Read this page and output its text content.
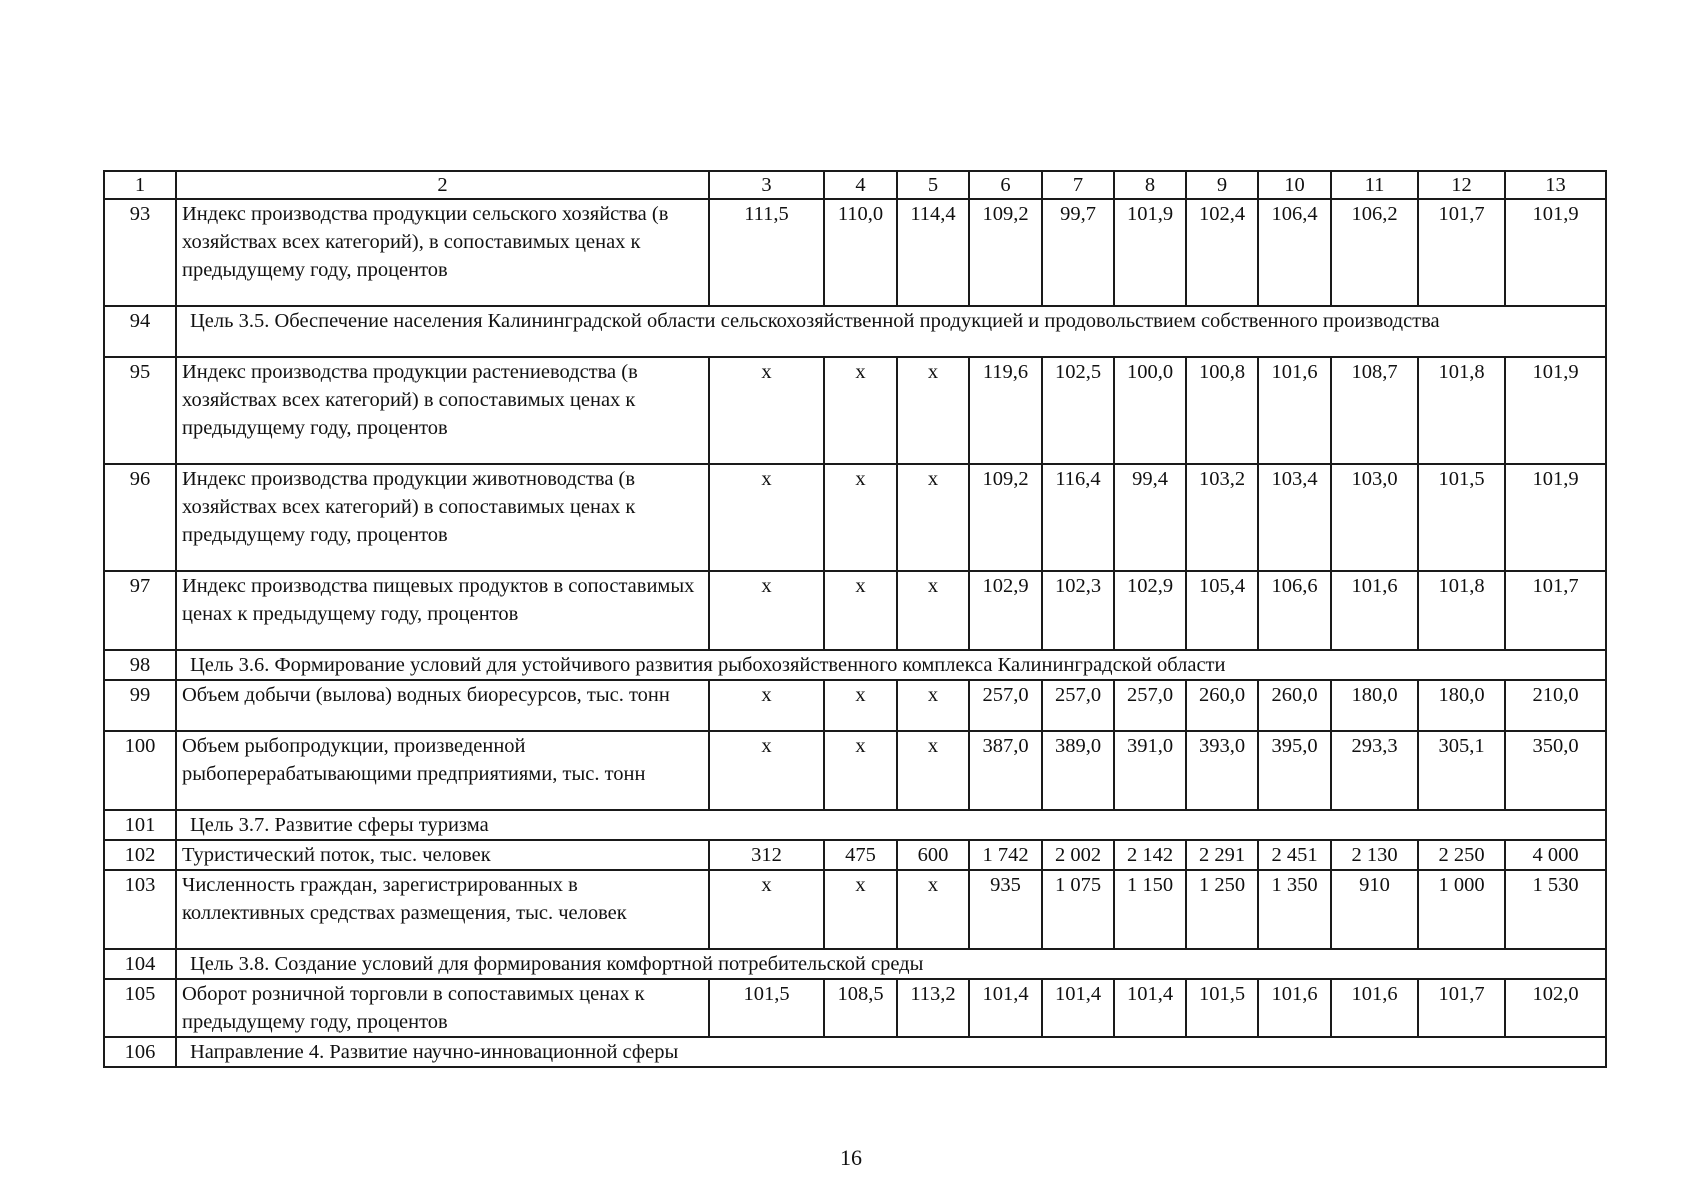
1	2	3	4	5	6	7	8	9	10	11	12	13
93	Индекс производства продукции сельского хозяйства (в хозяйствах всех категорий), в сопоставимых ценах к предыдущему году, процентов	111,5	110,0	114,4	109,2	99,7	101,9	102,4	106,4	106,2	101,7	101,9
94	Цель 3.5. Обеспечение населения Калининградской области сельскохозяйственной продукцией и продовольствием собственного производства											
95	Индекс производства продукции растениеводства (в хозяйствах всех категорий) в сопоставимых ценах к предыдущему году, процентов	х	х	х	119,6	102,5	100,0	100,8	101,6	108,7	101,8	101,9
96	Индекс производства продукции животноводства (в хозяйствах всех категорий) в сопоставимых ценах к предыдущему году, процентов	х	х	х	109,2	116,4	99,4	103,2	103,4	103,0	101,5	101,9
97	Индекс производства пищевых продуктов в сопоставимых ценах к предыдущему году, процентов	х	х	х	102,9	102,3	102,9	105,4	106,6	101,6	101,8	101,7
98	Цель 3.6. Формирование условий для устойчивого развития рыбохозяйственного комплекса Калининградской области											
99	Объем добычи (вылова) водных биоресурсов, тыс. тонн	х	х	х	257,0	257,0	257,0	260,0	260,0	180,0	180,0	210,0
100	Объем рыбопродукции, произведенной рыбоперерабатывающими предприятиями, тыс. тонн	х	х	х	387,0	389,0	391,0	393,0	395,0	293,3	305,1	350,0
101	Цель 3.7. Развитие сферы туризма											
102	Туристический поток, тыс. человек	312	475	600	1 742	2 002	2 142	2 291	2 451	2 130	2 250	4 000
103	Численность граждан, зарегистрированных в коллективных средствах размещения, тыс. человек	х	х	х	935	1 075	1 150	1 250	1 350	910	1 000	1 530
104	Цель 3.8. Создание условий для формирования комфортной потребительской среды											
105	Оборот розничной торговли в сопоставимых ценах к предыдущему году, процентов	101,5	108,5	113,2	101,4	101,4	101,4	101,5	101,6	101,6	101,7	102,0
106	Направление 4. Развитие научно-инновационной сферы											
16
